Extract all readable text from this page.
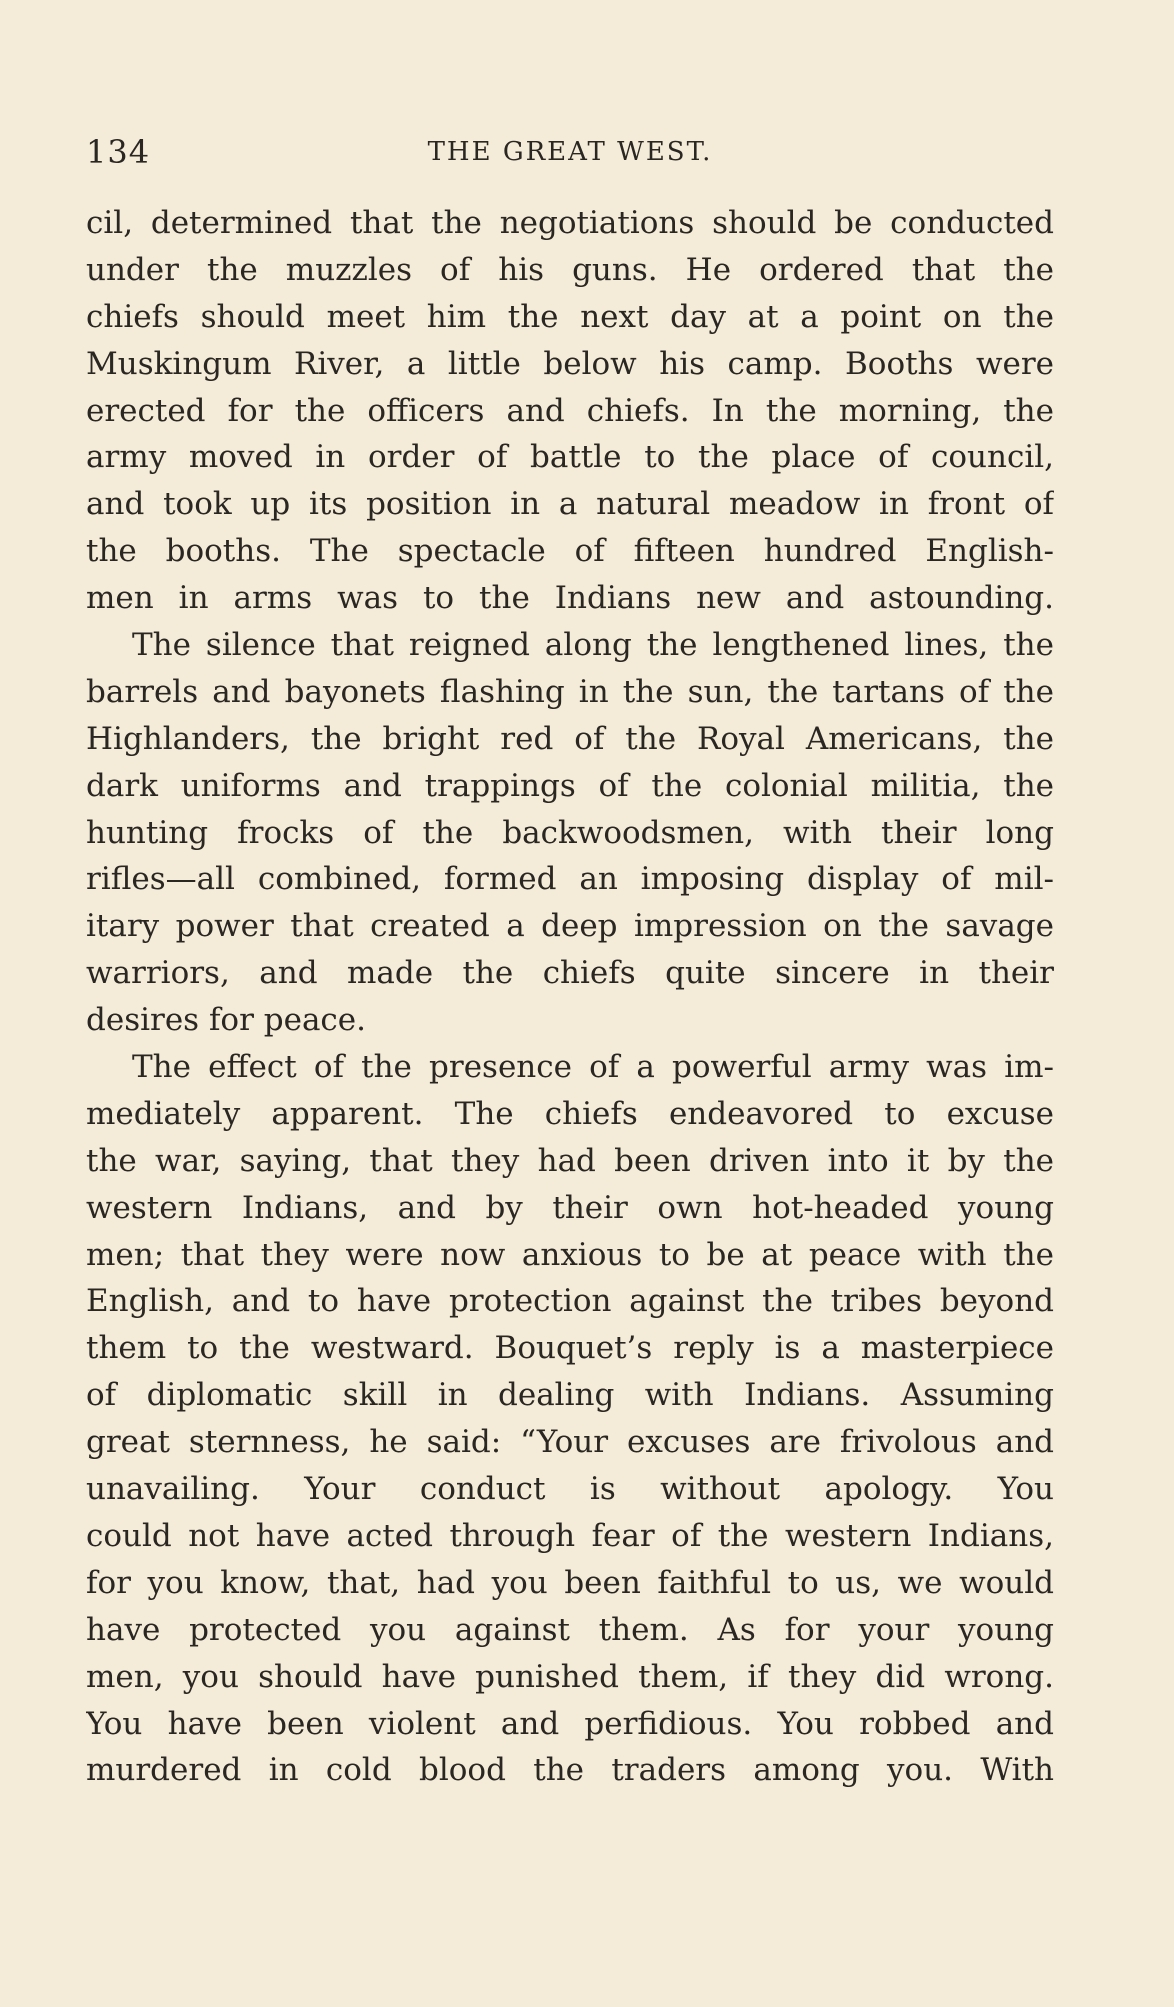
134	THE GREAT WEST.
cil, determined that the negotiations should be conducted
under the muzzles of his guns. He ordered that the
chiefs should meet him the next day at a point on the
Muskingum River, a little below his camp. Booths were
erected for the officers and chiefs. In the morning, the
army moved in order of battle to the place of council,
and took up its position in a natural meadow in front of
the booths. The spectacle of fifteen hundred English-
men in arms was to the Indians new and astounding.
The silence that reigned along the lengthened lines, the
barrels and bayonets flashing in the sun, the tartans of the
Highlanders, the bright red of the Royal Americans, the
dark uniforms and trappings of the colonial militia, the
hunting frocks of the backwoodsmen, with their long
rifles—all combined, formed an imposing display of mil-
itary power that created a deep impression on the savage
warriors, and made the chiefs quite sincere in their
desires for peace.
The effect of the presence of a powerful army was im-
mediately apparent. The chiefs endeavored to excuse
the war, saying, that they had been driven into it by the
western Indians, and by their own hot-headed young
men; that they were now anxious to be at peace with the
English, and to have protection against the tribes beyond
them to the westward. Bouquet’s reply is a masterpiece
of diplomatic skill in dealing with Indians. Assuming
great sternness, he said: “Your excuses are frivolous and
unavailing. Your conduct is without apology. You
could not have acted through fear of the western Indians,
for you know, that, had you been faithful to us, we would
have protected you against them. As for your young
men, you should have punished them, if they did wrong.
You have been violent and perfidious. You robbed and
murdered in cold blood the traders among you. With
